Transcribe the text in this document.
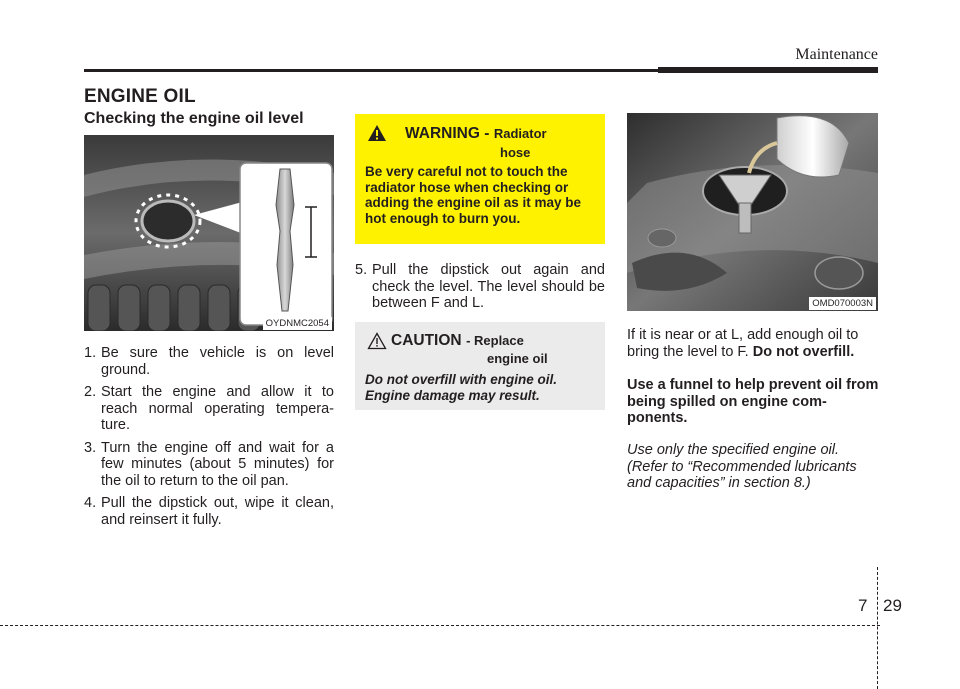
Maintenance
ENGINE OIL
Checking the engine oil level
OYDNMC2054
1. Be sure the vehicle is on level ground.
2. Start the engine and allow it to reach normal operating tempera-ture.
3. Turn the engine off and wait for a few minutes (about 5 minutes) for the oil to return to the oil pan.
4. Pull the dipstick out, wipe it clean, and reinsert it fully.
WARNING - Radiator
hose
Be very careful not to touch the radiator hose when checking or adding the engine oil as it may be hot enough to burn you.
5. Pull the dipstick out again and check the level. The level should be between F and L.
CAUTION - Replace
engine oil
Do not overfill with engine oil. Engine damage may result.
OMD070003N
If it is near or at L, add enough oil to bring the level to F. Do not overfill.
Use a funnel to help prevent oil from being spilled on engine com-ponents.
Use only the specified engine oil. (Refer to “Recommended lubricants and capacities” in section 8.)
7 29
